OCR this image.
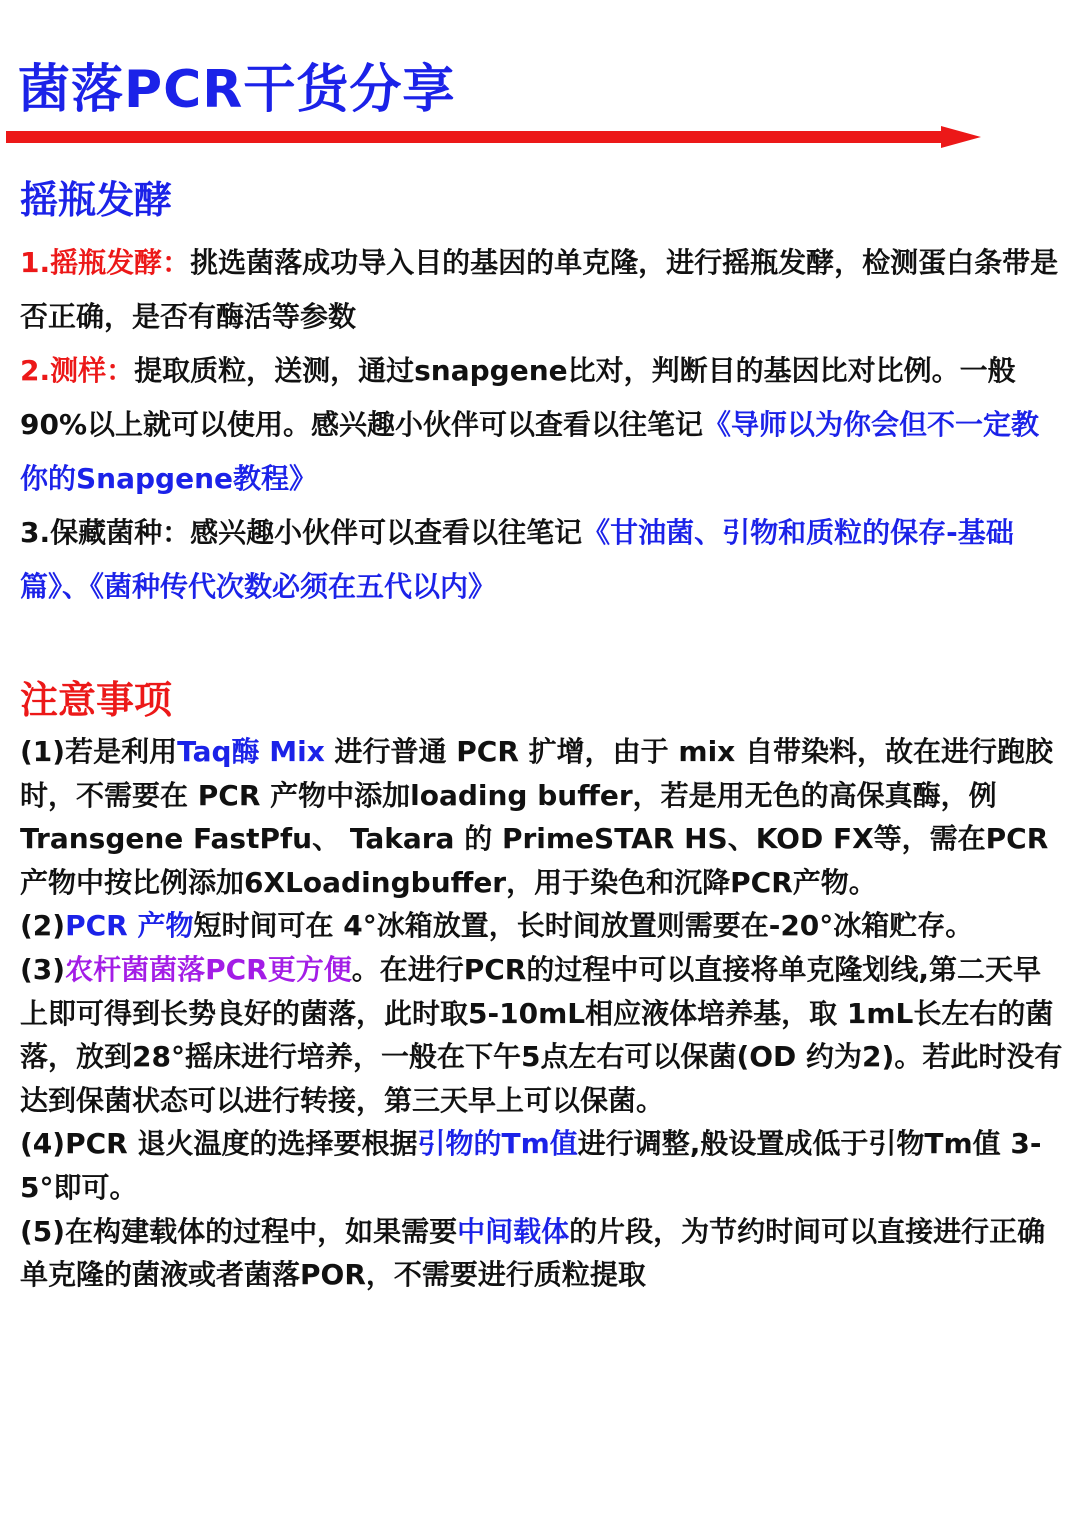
菌落PCR干货分享
摇瓶发酵
1.摇瓶发酵：挑选菌落成功导入目的基因的单克隆，进行摇瓶发酵，检测蛋白条带是否正确，是否有酶活等参数
2.测样：提取质粒，送测，通过snapgene比对，判断目的基因比对比例。一般90%以上就可以使用。感兴趣小伙伴可以查看以往笔记《导师以为你会但不一定教你的Snapgene教程》
3.保藏菌种：感兴趣小伙伴可以查看以往笔记《甘油菌、引物和质粒的保存-基础篇》、《菌种传代次数必须在五代以内》
注意事项
(1)若是利用Taq酶 Mix 进行普通 PCR 扩增，由于 mix 自带染料，故在进行跑胶时，不需要在 PCR 产物中添加loading buffer，若是用无色的高保真酶，例Transgene FastPfu、 Takara 的 PrimeSTAR HS、KOD FX等，需在PCR产物中按比例添加6XLoadingbuffer，用于染色和沉降PCR产物。
(2)PCR 产物短时间可在 4°冰箱放置，长时间放置则需要在-20°冰箱贮存。
(3)农杆菌菌落PCR更方便。在进行PCR的过程中可以直接将单克隆划线,第二天早上即可得到长势良好的菌落，此时取5-10mL相应液体培养基，取 1mL长左右的菌落，放到28°摇床进行培养，一般在下午5点左右可以保菌(OD 约为2)。若此时没有达到保菌状态可以进行转接，第三天早上可以保菌。
(4)PCR 退火温度的选择要根据引物的Tm值进行调整,般设置成低于引物Tm值 3-5°即可。
(5)在构建载体的过程中，如果需要中间载体的片段，为节约时间可以直接进行正确单克隆的菌液或者菌落POR，不需要进行质粒提取
